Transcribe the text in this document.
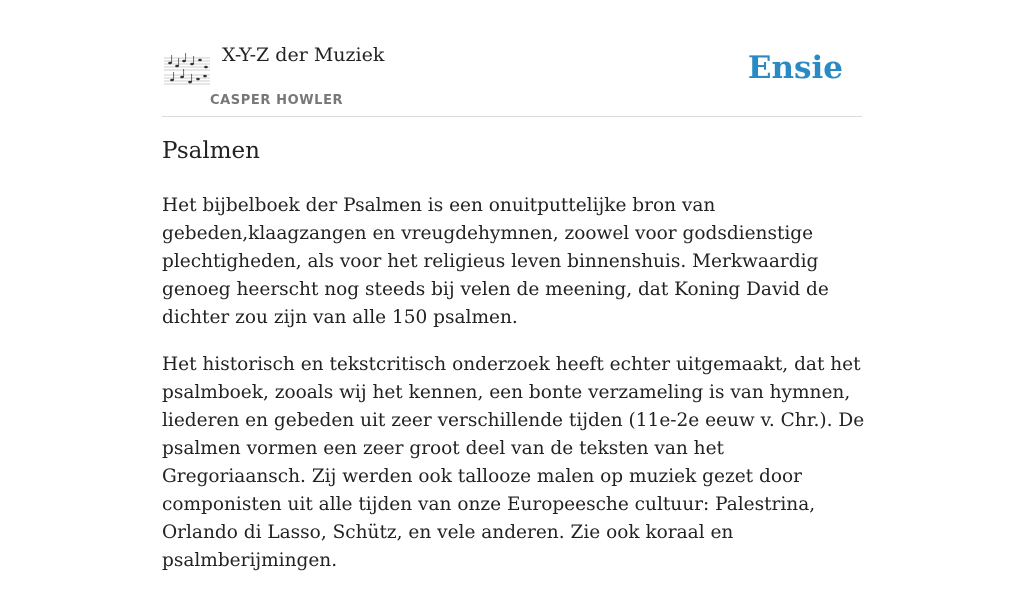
X-Y-Z der Muziek
CASPER HOWLER
Ensie
Psalmen

Het bijbelboek der Psalmen is een onuitputtelijke bron van gebeden,klaagzangen en vreugdehymnen, zoowel voor godsdienstige plechtigheden, als voor het religieus leven binnenshuis. Merkwaardig genoeg heerscht nog steeds bij velen de meening, dat Koning David de dichter zou zijn van alle 150 psalmen.

Het historisch en tekstcritisch onderzoek heeft echter uitgemaakt, dat het psalmboek, zooals wij het kennen, een bonte verzameling is van hymnen, liederen en gebeden uit zeer verschillende tijden (11e-2e eeuw v. Chr.). De psalmen vormen een zeer groot deel van de teksten van het Gregoriaansch. Zij werden ook tallooze malen op muziek gezet door componisten uit alle tijden van onze Europeesche cultuur: Palestrina, Orlando di Lasso, Schütz, en vele anderen. Zie ook koraal en psalmberijmingen.
